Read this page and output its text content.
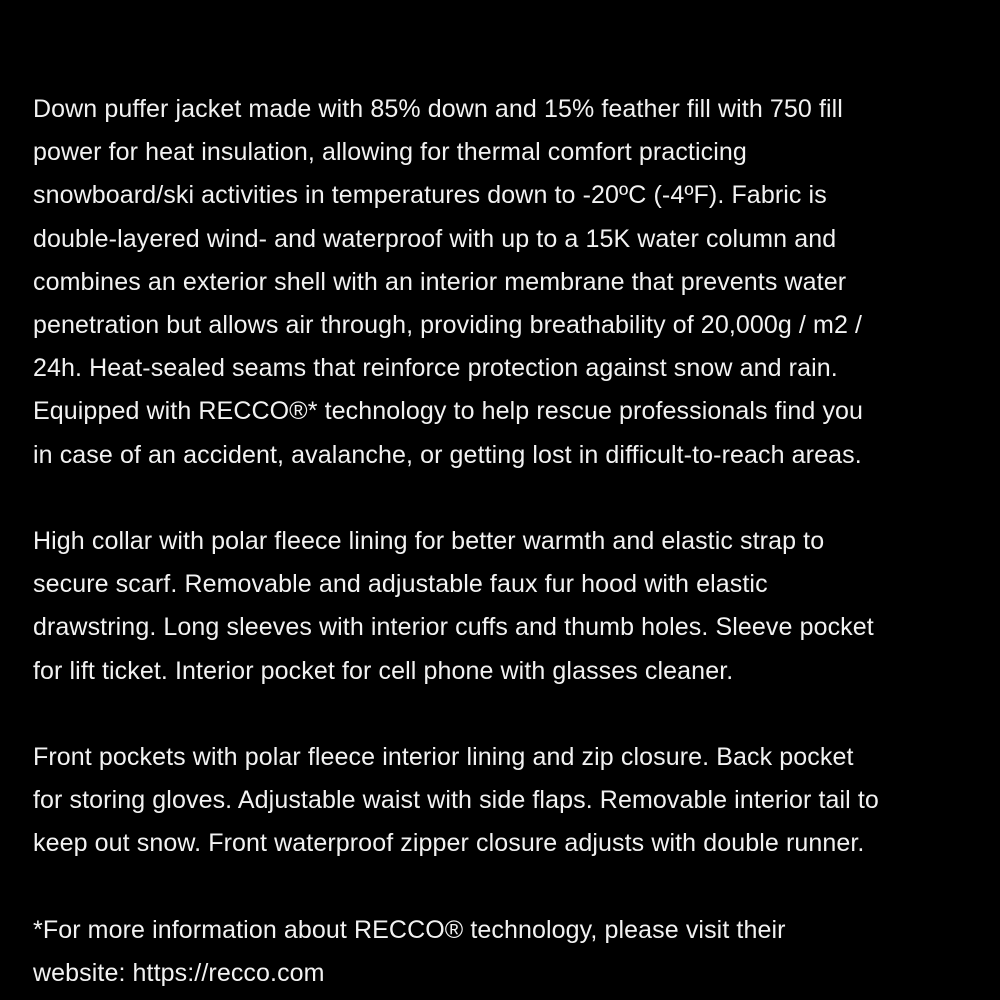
Down puffer jacket made with 85% down and 15% feather fill with 750 fill
power for heat insulation, allowing for thermal comfort practicing
snowboard/ski activities in temperatures down to -20ºC (-4ºF). Fabric is
double-layered wind- and waterproof with up to a 15K water column and
combines an exterior shell with an interior membrane that prevents water
penetration but allows air through, providing breathability of 20,000g / m2 /
24h. Heat-sealed seams that reinforce protection against snow and rain.
Equipped with RECCO®* technology to help rescue professionals find you
in case of an accident, avalanche, or getting lost in difficult-to-reach areas.

High collar with polar fleece lining for better warmth and elastic strap to
secure scarf. Removable and adjustable faux fur hood with elastic
drawstring. Long sleeves with interior cuffs and thumb holes. Sleeve pocket
for lift ticket. Interior pocket for cell phone with glasses cleaner.

Front pockets with polar fleece interior lining and zip closure. Back pocket
for storing gloves. Adjustable waist with side flaps. Removable interior tail to
keep out snow. Front waterproof zipper closure adjusts with double runner.

*For more information about RECCO® technology, please visit their
website: https://recco.com
